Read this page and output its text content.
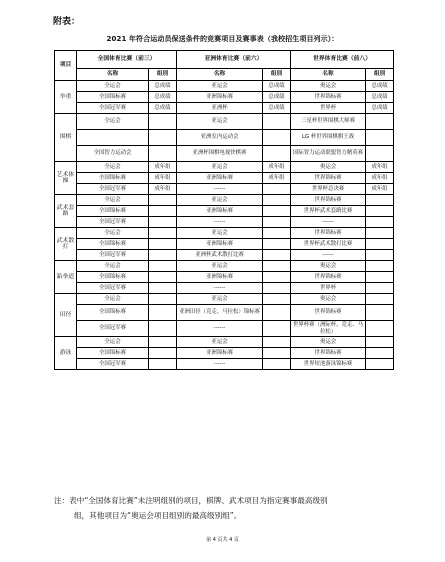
附表：
2021 年符合运动员保送条件的竞赛项目及赛事表（我校招生项目列示）：
项目	全国体育比赛（前三）		亚洲体育比赛（前六）		世界体育比赛（前八）	
	名称	组别	名称	组别	名称	组别
举重	全运会	总成绩	亚运会	总成绩	奥运会	总成绩
	全国锦标赛	总成绩	亚洲锦标赛	总成绩	世界锦标赛	总成绩
	全国冠军赛	总成绩	亚洲杯	总成绩	世界杯	总成绩
围棋	全运会		亚运会		三星杯世界围棋大师赛	
			亚洲室内运动会		LG 杯世界围棋棋王战	
	全国智力运动会		亚洲杯围棋电视快棋赛		国际智力运动联盟智力精英赛	
艺术体操	全运会	成年组	亚运会	成年组	奥运会	成年组
	全国锦标赛	成年组	亚洲锦标赛	成年组	世界锦标赛	成年组
	全国冠军赛	成年组	------		世界杯总决赛	成年组
武术套路	全运会		亚运会		世界锦标赛	
	全国锦标赛		亚洲锦标赛		世界杯武术套路比赛	
	全国冠军赛		------		------	
武术散打	全运会		亚运会		世界锦标赛	
	全国锦标赛		亚洲锦标赛		世界杯武术散打比赛	
	全国冠军赛		亚洲杯武术散打比赛		------	
跆拳道	全运会		亚运会		奥运会	
	全国锦标赛		亚洲锦标赛		世界锦标赛	
	全国冠军赛		------		世界杯	
田径	全运会		亚运会		奥运会	
	全国锦标赛		亚洲田径（竞走、马拉松）锦标赛		世界锦标赛	
	全国冠军赛		------		世界杯赛（洲际杯、竞走、马拉松）	
游泳	全运会		亚运会		奥运会	
	全国锦标赛		亚洲锦标赛		世界锦标赛	
	全国冠军赛		------		世界短池游泳锦标赛	
注：表中“全国体育比赛”未注明组别的项目，棋牌、武术项目为指定赛事最高级别
组，其他项目为“奥运会项目组别的最高级别组”。
第 4 页共 4 页
